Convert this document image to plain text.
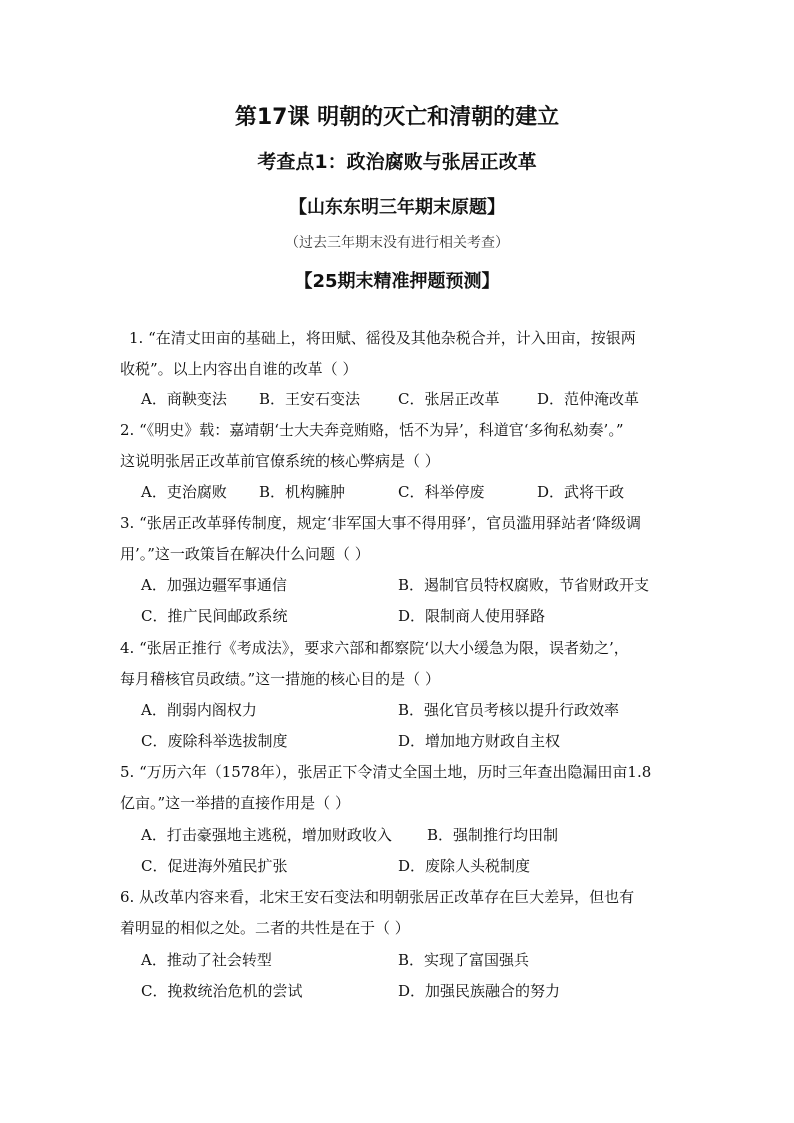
第17课 明朝的灭亡和清朝的建立
考查点1：政治腐败与张居正改革
【山东东明三年期末原题】
（过去三年期末没有进行相关考查）
【25期末精准押题预测】
1. “在清丈田亩的基础上，将田赋、徭役及其他杂税合并，计入田亩，按银两
收税”。以上内容出自谁的改革（ ）
A．商鞅变法 B．王安石变法	C．张居正改革	D．范仲淹改革
2. “《明史》载：嘉靖朝‘士大夫奔竞贿赂，恬不为异’，科道官‘多徇私劾奏’。”
这说明张居正改革前官僚系统的核心弊病是（ ）
A．吏治腐败 B．机构臃肿	C．科举停废	D．武将干政
3. “张居正改革驿传制度，规定‘非军国大事不得用驿’，官员滥用驿站者‘降级调
用’。”这一政策旨在解决什么问题（ ）
A．加强边疆军事通信	B．遏制官员特权腐败，节省财政开支
C．推广民间邮政系统	D．限制商人使用驿路
4. “张居正推行《考成法》，要求六部和都察院‘以大小缓急为限，误者劾之’，
每月稽核官员政绩。”这一措施的核心目的是（ ）
A．削弱内阁权力	B．强化官员考核以提升行政效率
C．废除科举选拔制度	D．增加地方财政自主权
5. “万历六年（1578年），张居正下令清丈全国土地，历时三年查出隐漏田亩1.8
亿亩。”这一举措的直接作用是（ ）
A．打击豪强地主逃税，增加财政收入 B．强制推行均田制
C．促进海外殖民扩张	D．废除人头税制度
6. 从改革内容来看，北宋王安石变法和明朝张居正改革存在巨大差异，但也有
着明显的相似之处。二者的共性是在于（ ）
A．推动了社会转型	B．实现了富国强兵
C．挽救统治危机的尝试	D．加强民族融合的努力
